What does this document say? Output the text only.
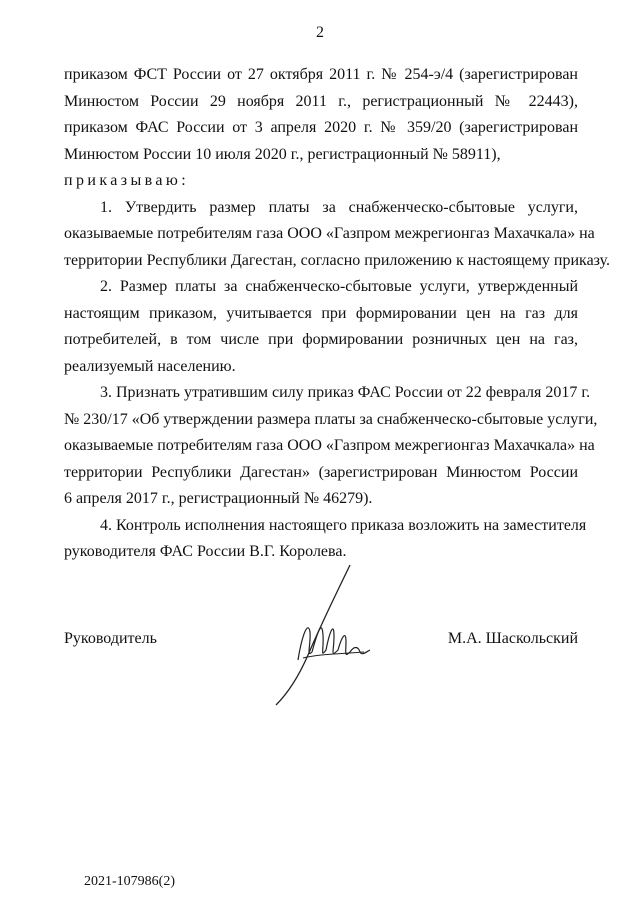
2
приказом ФСТ России от 27 октября 2011 г. № 254-э/4 (зарегистрирован
Минюстом России 29 ноября 2011 г., регистрационный № 22443),
приказом ФАС России от 3 апреля 2020 г. № 359/20 (зарегистрирован
Минюстом России 10 июля 2020 г., регистрационный № 58911),
приказываю:
1. Утвердить размер платы за снабженческо-сбытовые услуги,
оказываемые потребителям газа ООО «Газпром межрегионгаз Махачкала» на
территории Республики Дагестан, согласно приложению к настоящему приказу.
2. Размер платы за снабженческо-сбытовые услуги, утвержденный
настоящим приказом, учитывается при формировании цен на газ для
потребителей, в том числе при формировании розничных цен на газ,
реализуемый населению.
3. Признать утратившим силу приказ ФАС России от 22 февраля 2017 г.
№ 230/17 «Об утверждении размера платы за снабженческо-сбытовые услуги,
оказываемые потребителям газа ООО «Газпром межрегионгаз Махачкала» на
территории Республики Дагестан» (зарегистрирован Минюстом России
6 апреля 2017 г., регистрационный № 46279).
4. Контроль исполнения настоящего приказа возложить на заместителя
руководителя ФАС России В.Г. Королева.
Руководитель	М.А. Шаскольский
2021-107986(2)
